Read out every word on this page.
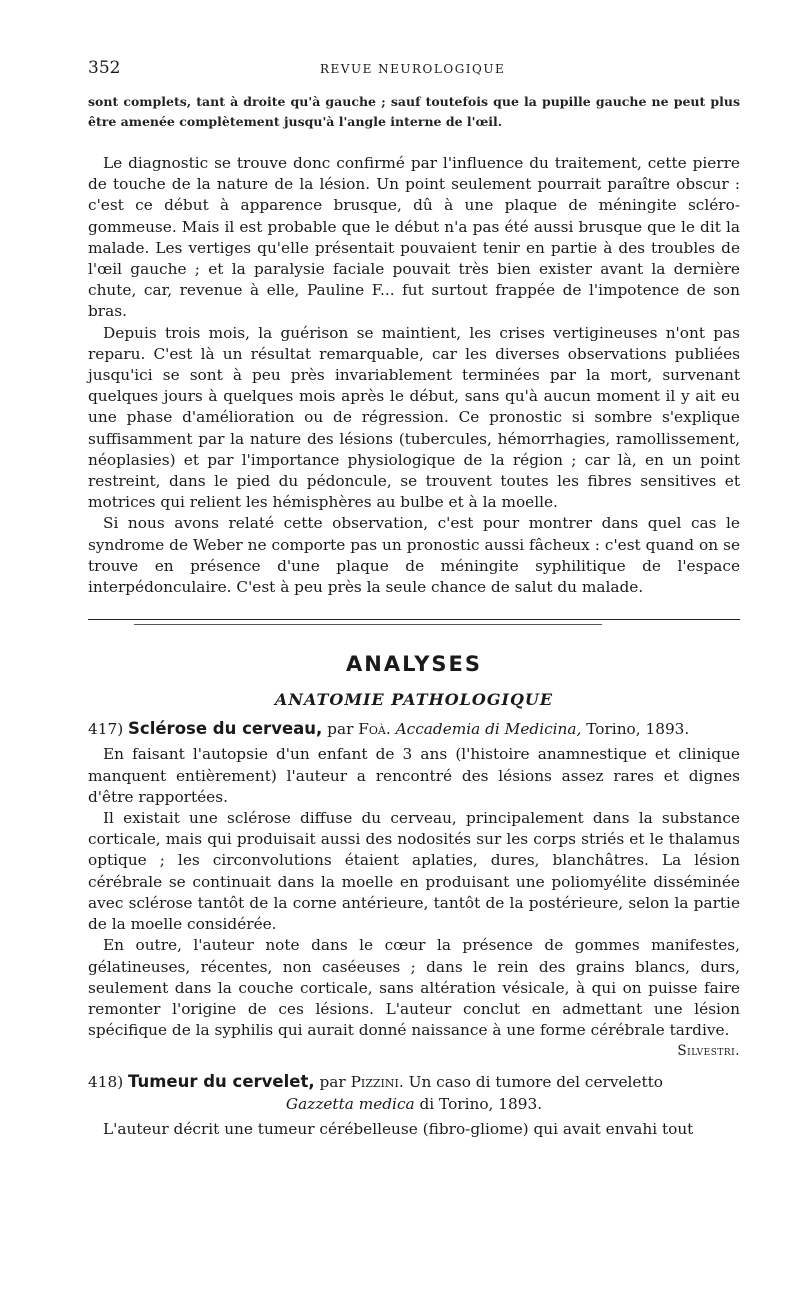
352	REVUE NEUROLOGIQUE

sont complets, tant à droite qu'à gauche ; sauf toutefois que la pupille gauche ne peut plus être amenée complètement jusqu'à l'angle interne de l'œil.

Le diagnostic se trouve donc confirmé par l'influence du traitement, cette pierre de touche de la nature de la lésion. Un point seulement pourrait paraître obscur : c'est ce début à apparence brusque, dû à une plaque de méningite scléro-gommeuse. Mais il est probable que le début n'a pas été aussi brusque que le dit la malade. Les vertiges qu'elle présentait pouvaient tenir en partie à des troubles de l'œil gauche ; et la paralysie faciale pouvait très bien exister avant la dernière chute, car, revenue à elle, Pauline F... fut surtout frappée de l'impotence de son bras.

Depuis trois mois, la guérison se maintient, les crises vertigineuses n'ont pas reparu. C'est là un résultat remarquable, car les diverses observations publiées jusqu'ici se sont à peu près invariablement terminées par la mort, survenant quelques jours à quelques mois après le début, sans qu'à aucun moment il y ait eu une phase d'amélioration ou de régression. Ce pronostic si sombre s'explique suffisamment par la nature des lésions (tubercules, hémorrhagies, ramollissement, néoplasies) et par l'importance physiologique de la région ; car là, en un point restreint, dans le pied du pédoncule, se trouvent toutes les fibres sensitives et motrices qui relient les hémisphères au bulbe et à la moelle.

Si nous avons relaté cette observation, c'est pour montrer dans quel cas le syndrome de Weber ne comporte pas un pronostic aussi fâcheux : c'est quand on se trouve en présence d'une plaque de méningite syphilitique de l'espace interpédonculaire. C'est à peu près la seule chance de salut du malade.

ANALYSES
ANATOMIE PATHOLOGIQUE

417) Sclérose du cerveau, par Foà. Accademia di Medicina, Torino, 1893.

En faisant l'autopsie d'un enfant de 3 ans (l'histoire anamnestique et clinique manquent entièrement) l'auteur a rencontré des lésions assez rares et dignes d'être rapportées.

Il existait une sclérose diffuse du cerveau, principalement dans la substance corticale, mais qui produisait aussi des nodosités sur les corps striés et le thalamus optique ; les circonvolutions étaient aplaties, dures, blanchâtres. La lésion cérébrale se continuait dans la moelle en produisant une poliomyélite disséminée avec sclérose tantôt de la corne antérieure, tantôt de la postérieure, selon la partie de la moelle considérée.

En outre, l'auteur note dans le cœur la présence de gommes manifestes, gélatineuses, récentes, non caséeuses ; dans le rein des grains blancs, durs, seulement dans la couche corticale, sans altération vésicale, à qui on puisse faire remonter l'origine de ces lésions. L'auteur conclut en admettant une lésion spécifique de la syphilis qui aurait donné naissance à une forme cérébrale tardive.

Silvestri.

418) Tumeur du cervelet, par Pizzini. Un caso di tumore del cerveletto
Gazzetta medica di Torino, 1893.

L'auteur décrit une tumeur cérébelleuse (fibro-gliome) qui avait envahi tout
